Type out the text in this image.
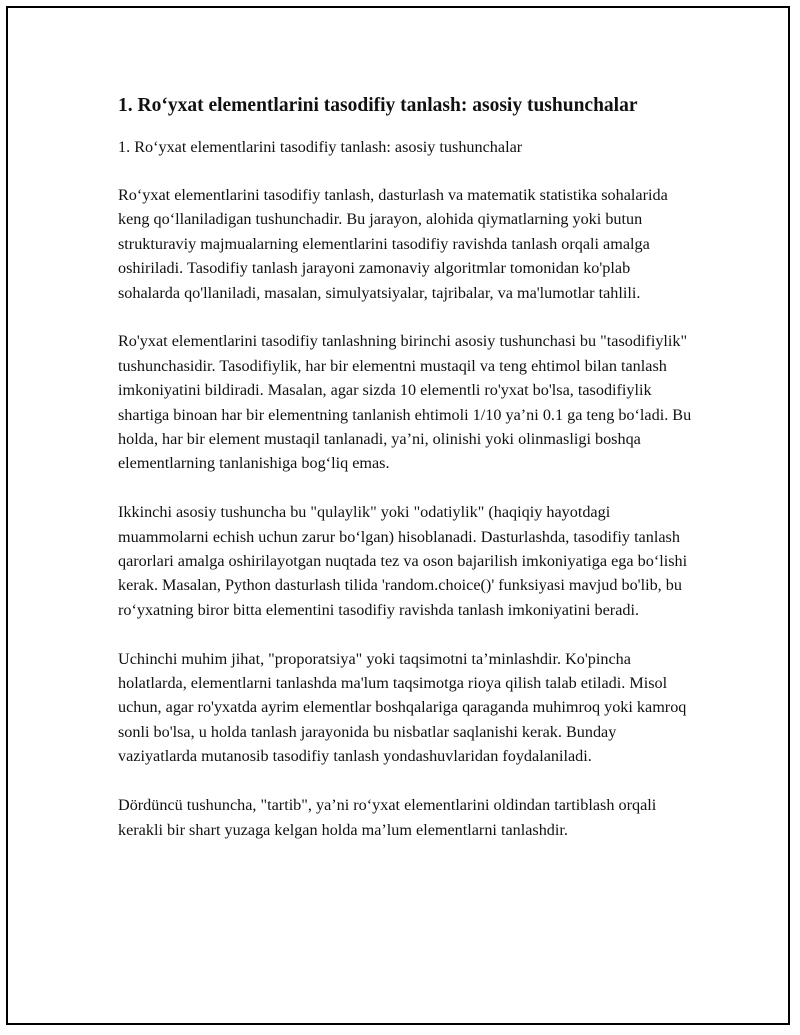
1. Ro‘yxat elementlarini tasodifiy tanlash: asosiy tushunchalar
1. Ro‘yxat elementlarini tasodifiy tanlash: asosiy tushunchalar

Ro‘yxat elementlarini tasodifiy tanlash, dasturlash va matematik statistika sohalarida keng qo‘llaniladigan tushunchadir. Bu jarayon, alohida qiymatlarning yoki butun strukturaviy majmualarning elementlarini tasodifiy ravishda tanlash orqali amalga oshiriladi. Tasodifiy tanlash jarayoni zamonaviy algoritmlar tomonidan ko'plab sohalarda qo'llaniladi, masalan, simulyatsiyalar, tajribalar, va ma'lumotlar tahlili.

Ro'yxat elementlarini tasodifiy tanlashning birinchi asosiy tushunchasi bu "tasodifiylik" tushunchasidir. Tasodifiylik, har bir elementni mustaqil va teng ehtimol bilan tanlash imkoniyatini bildiradi. Masalan, agar sizda 10 elementli ro'yxat bo'lsa, tasodifiylik shartiga binoan har bir elementning tanlanish ehtimoli 1/10 ya’ni 0.1 ga teng bo‘ladi. Bu holda, har bir element mustaqil tanlanadi, ya’ni, olinishi yoki olinmasligi boshqa elementlarning tanlanishiga bog‘liq emas.

Ikkinchi asosiy tushuncha bu "qulaylik" yoki "odatiylik" (haqiqiy hayotdagi muammolarni echish uchun zarur bo‘lgan) hisoblanadi. Dasturlashda, tasodifiy tanlash qarorlari amalga oshirilayotgan nuqtada tez va oson bajarilish imkoniyatiga ega bo‘lishi kerak. Masalan, Python dasturlash tilida 'random.choice()' funksiyasi mavjud bo'lib, bu ro‘yxatning biror bitta elementini tasodifiy ravishda tanlash imkoniyatini beradi.

Uchinchi muhim jihat, "proporatsiya" yoki taqsimotni ta’minlashdir. Ko'pincha holatlarda, elementlarni tanlashda ma'lum taqsimotga rioya qilish talab etiladi. Misol uchun, agar ro'yxatda ayrim elementlar boshqalariga qaraganda muhimroq yoki kamroq sonli bo'lsa, u holda tanlash jarayonida bu nisbatlar saqlanishi kerak. Bunday vaziyatlarda mutanosib tasodifiy tanlash yondashuvlaridan foydalaniladi.

Dördüncü tushuncha, "tartib", ya’ni ro‘yxat elementlarini oldindan tartiblash orqali kerakli bir shart yuzaga kelgan holda ma’lum elementlarni tanlashdir.
